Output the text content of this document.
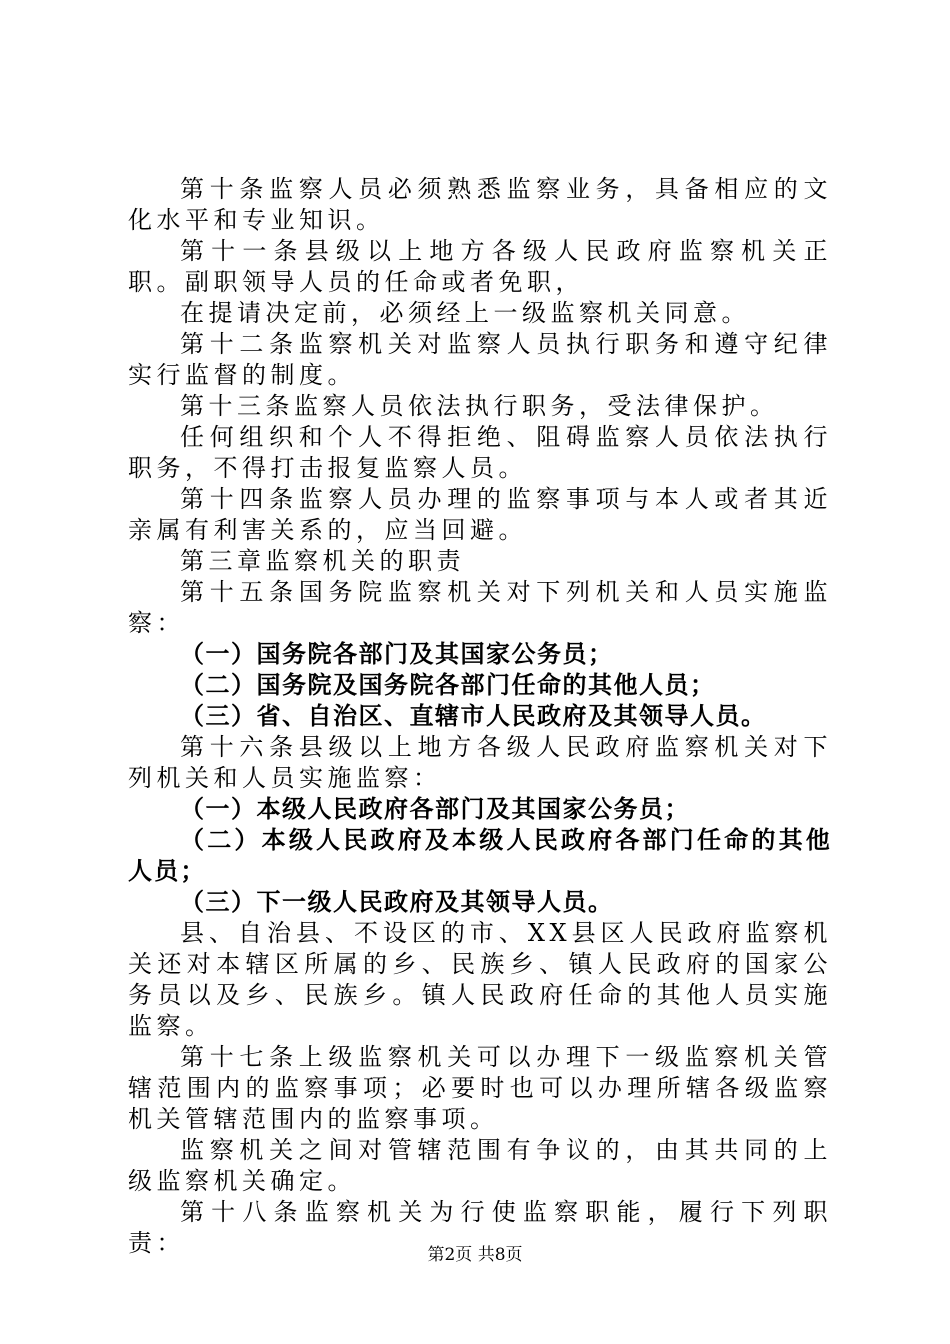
第十条监察人员必须熟悉监察业务，具备相应的文化水平和专业知识。

第十一条县级以上地方各级人民政府监察机关正职。副职领导人员的任命或者免职，

在提请决定前，必须经上一级监察机关同意。

第十二条监察机关对监察人员执行职务和遵守纪律实行监督的制度。

第十三条监察人员依法执行职务，受法律保护。

任何组织和个人不得拒绝、阻碍监察人员依法执行职务，不得打击报复监察人员。

第十四条监察人员办理的监察事项与本人或者其近亲属有利害关系的，应当回避。

第三章监察机关的职责

第十五条国务院监察机关对下列机关和人员实施监察：

（一）国务院各部门及其国家公务员；

（二）国务院及国务院各部门任命的其他人员；

（三）省、自治区、直辖市人民政府及其领导人员。

第十六条县级以上地方各级人民政府监察机关对下列机关和人员实施监察：

（一）本级人民政府各部门及其国家公务员；

（二）本级人民政府及本级人民政府各部门任命的其他人员；

（三）下一级人民政府及其领导人员。

县、自治县、不设区的市、XX县区人民政府监察机关还对本辖区所属的乡、民族乡、镇人民政府的国家公务员以及乡、民族乡。镇人民政府任命的其他人员实施监察。

第十七条上级监察机关可以办理下一级监察机关管辖范围内的监察事项；必要时也可以办理所辖各级监察机关管辖范围内的监察事项。

监察机关之间对管辖范围有争议的，由其共同的上级监察机关确定。

第十八条监察机关为行使监察职能，履行下列职责：	第2页 共8页
